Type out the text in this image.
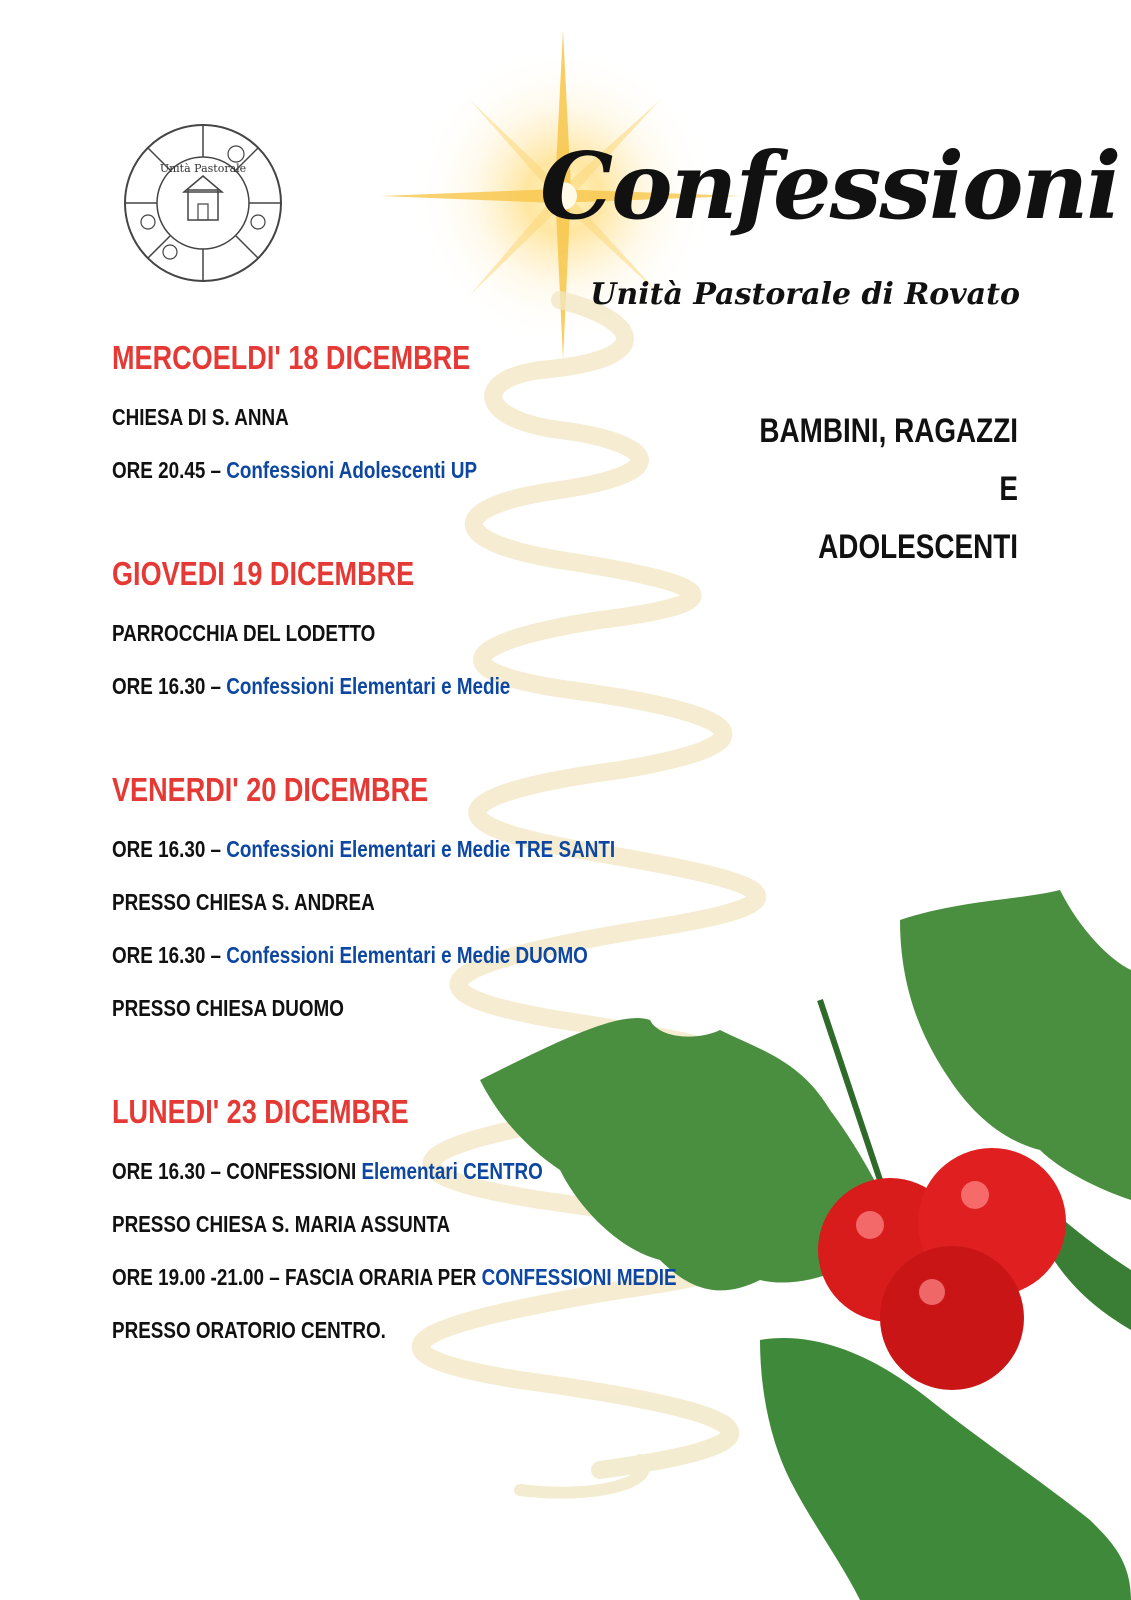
Unità Pastorale	Confessioni
Unità Pastorale di Rovato
BAMBINI, RAGAZZI E
ADOLESCENTI
MERCOELDI' 18 DICEMBRE
CHIESA DI S. ANNA
ORE 20.45 – Confessioni Adolescenti UP
GIOVEDI 19 DICEMBRE
PARROCCHIA DEL LODETTO
ORE 16.30 – Confessioni Elementari e Medie
VENERDI' 20 DICEMBRE
ORE 16.30 – Confessioni Elementari e Medie TRE SANTI
PRESSO CHIESA S. ANDREA
ORE 16.30 – Confessioni Elementari e Medie DUOMO
PRESSO CHIESA DUOMO
LUNEDI' 23 DICEMBRE
ORE 16.30 – CONFESSIONI Elementari CENTRO
PRESSO CHIESA S. MARIA ASSUNTA
ORE 19.00 -21.00 – FASCIA ORARIA PER CONFESSIONI MEDIE
PRESSO ORATORIO CENTRO.
